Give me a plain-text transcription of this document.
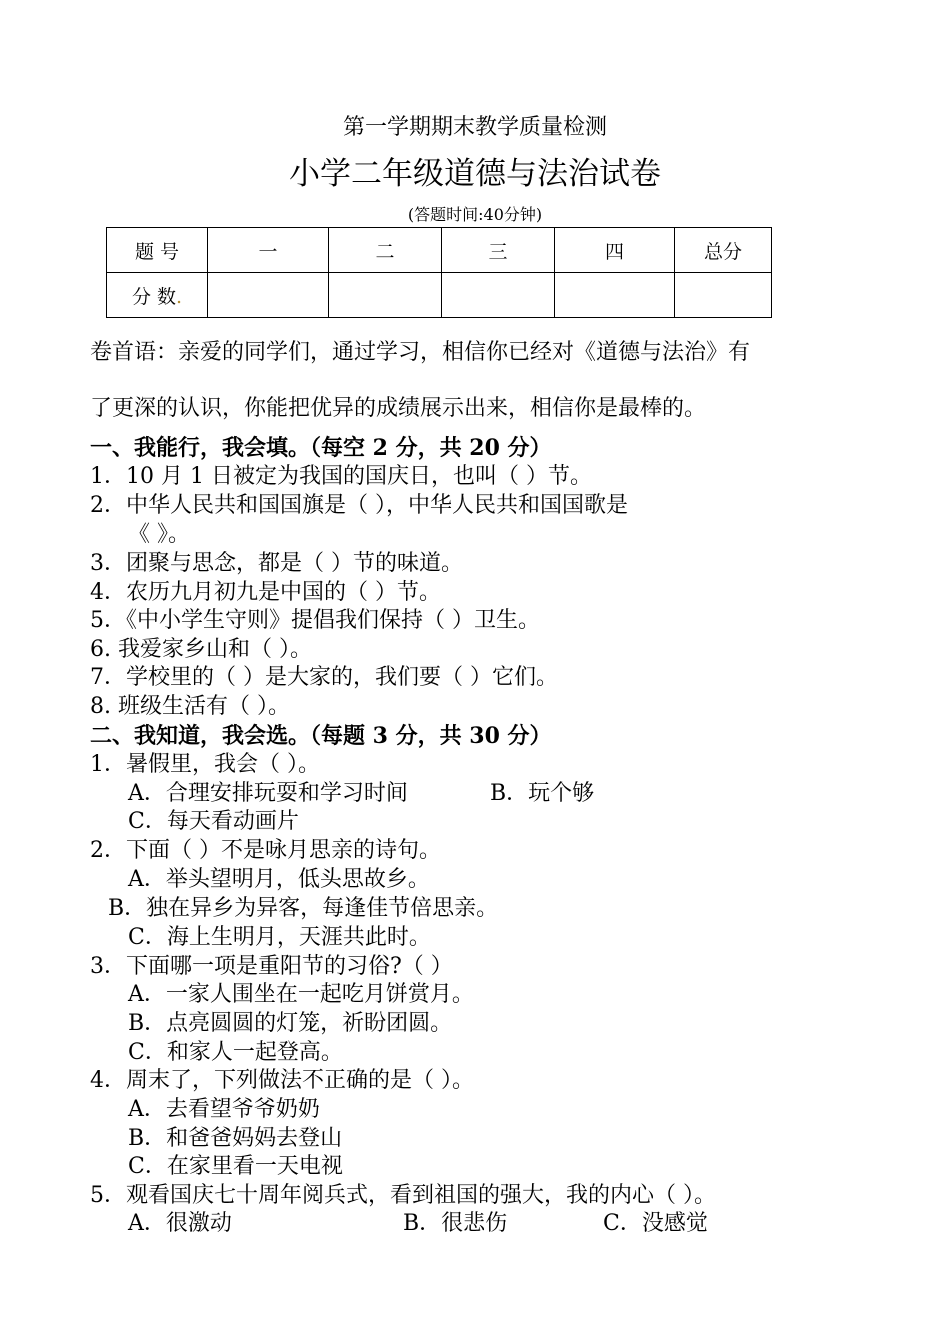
第一学期期末教学质量检测
小学二年级道德与法治试卷
(答题时间:40分钟)
题 号	一	二	三	四	总分
分 数.					
卷首语：亲爱的同学们，通过学习，相信你已经对《道德与法治》有
了更深的认识，你能把优异的成绩展示出来，相信你是最棒的。
一、我能行，我会填。（每空 2 分，共 20 分）
1．10 月 1 日被定为我国的国庆日，也叫（ ）节。
2．中华人民共和国国旗是（ ），中华人民共和国国歌是
《 》。
3．团聚与思念，都是（ ）节的味道。
4．农历九月初九是中国的（ ）节。
5．《中小学生守则》提倡我们保持（ ）卫生。
6. 我爱家乡山和（ ）。
7．学校里的（ ）是大家的，我们要（ ）它们。
8. 班级生活有（ ）。
二、我知道，我会选。（每题 3 分，共 30 分）
1．暑假里，我会（ ）。
A．合理安排玩耍和学习时间	B．玩个够
C．每天看动画片
2．下面（ ）不是咏月思亲的诗句。
A．举头望明月，低头思故乡。
B．独在异乡为异客，每逢佳节倍思亲。
C．海上生明月，天涯共此时。
3．下面哪一项是重阳节的习俗?（ ）
A．一家人围坐在一起吃月饼赏月。
B．点亮圆圆的灯笼，祈盼团圆。
C．和家人一起登高。
4．周末了，下列做法不正确的是（ ）。
A．去看望爷爷奶奶
B．和爸爸妈妈去登山
C．在家里看一天电视
5．观看国庆七十周年阅兵式，看到祖国的强大，我的内心（ ）。
A．很激动	B．很悲伤	C．没感觉
